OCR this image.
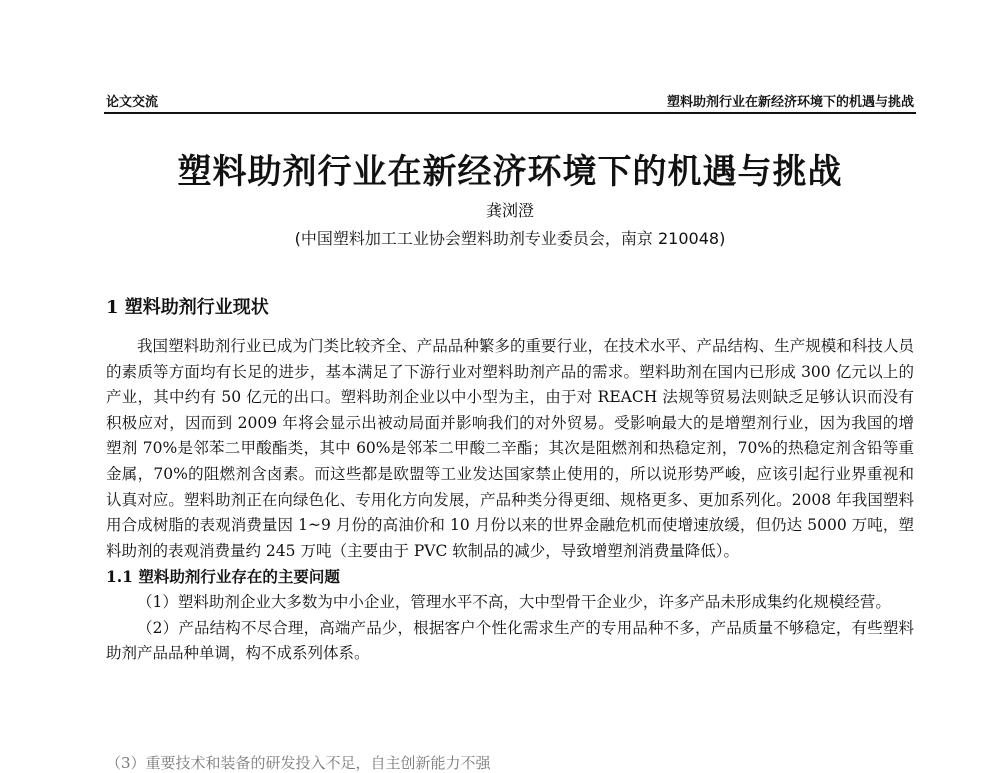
论文交流	塑料助剂行业在新经济环境下的机遇与挑战
塑料助剂行业在新经济环境下的机遇与挑战
龚浏澄
(中国塑料加工工业协会塑料助剂专业委员会，南京 210048)
1 塑料助剂行业现状

我国塑料助剂行业已成为门类比较齐全、产品品种繁多的重要行业，在技术水平、产品结构、生产规模和科技人员的素质等方面均有长足的进步，基本满足了下游行业对塑料助剂产品的需求。塑料助剂在国内已形成 300 亿元以上的产业，其中约有 50 亿元的出口。塑料助剂企业以中小型为主，由于对 REACH 法规等贸易法则缺乏足够认识而没有积极应对，因而到 2009 年将会显示出被动局面并影响我们的对外贸易。受影响最大的是增塑剂行业，因为我国的增塑剂 70%是邻苯二甲酸酯类，其中 60%是邻苯二甲酸二辛酯；其次是阻燃剂和热稳定剂，70%的热稳定剂含铅等重金属，70%的阻燃剂含卤素。而这些都是欧盟等工业发达国家禁止使用的，所以说形势严峻，应该引起行业界重视和认真对应。塑料助剂正在向绿色化、专用化方向发展，产品种类分得更细、规格更多、更加系列化。2008 年我国塑料用合成树脂的表观消费量因 1~9 月份的高油价和 10 月份以来的世界金融危机而使增速放缓，但仍达 5000 万吨，塑料助剂的表观消费量约 245 万吨（主要由于 PVC 软制品的减少，导致增塑剂消费量降低）。

1.1 塑料助剂行业存在的主要问题

（1）塑料助剂企业大多数为中小企业，管理水平不高，大中型骨干企业少，许多产品未形成集约化规模经营。

（2）产品结构不尽合理，高端产品少，根据客户个性化需求生产的专用品种不多，产品质量不够稳定，有些塑料助剂产品品种单调，构不成系列体系。

（3）重要技术和装备的研发投入不足，自主创新能力不强
